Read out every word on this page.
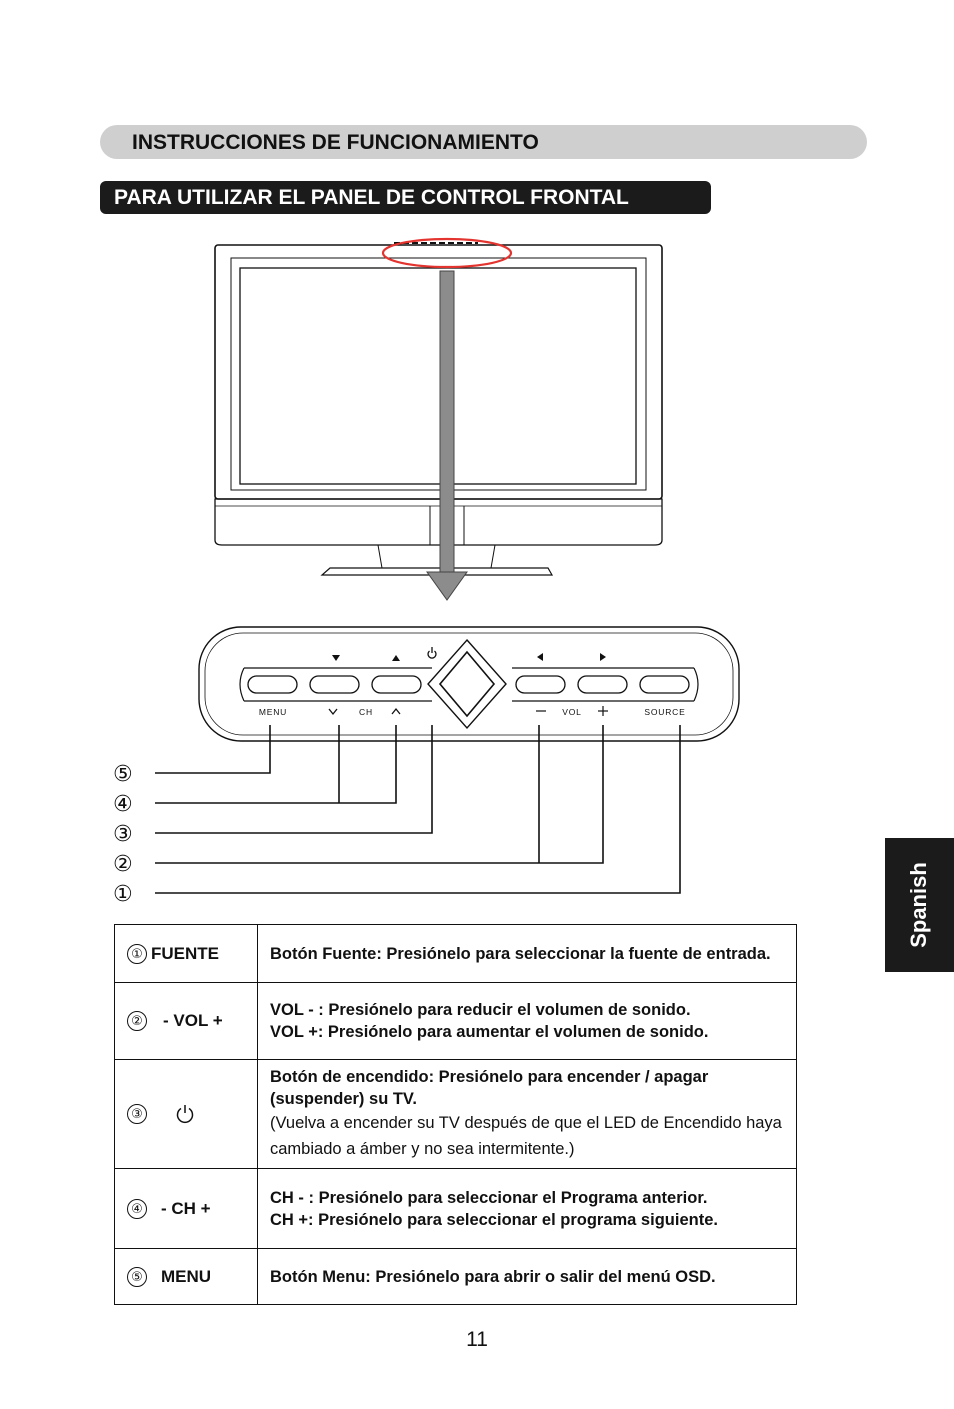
INSTRUCCIONES DE FUNCIONAMIENTO
PARA UTILIZAR EL PANEL DE CONTROL FRONTAL
Spanish
MENU	CH	VOL	SOURCE
⑤
④
③
②
①
① FUENTE	Botón Fuente: Presiónelo para seleccionar la fuente de entrada.

② - VOL +	VOL - : Presiónelo para reducir el volumen de sonido.
VOL +: Presiónelo para aumentar el volumen de sonido.

③	Botón de encendido: Presiónelo para encender / apagar (suspender) su TV.
(Vuelva a encender su TV después de que el LED de Encendido haya cambiado a ámber y no sea intermitente.)

④ - CH +	CH - : Presiónelo para seleccionar el Programa anterior.
CH +: Presiónelo para seleccionar el programa siguiente.

⑤ MENU	Botón Menu: Presiónelo para abrir o salir del menú OSD.
11
